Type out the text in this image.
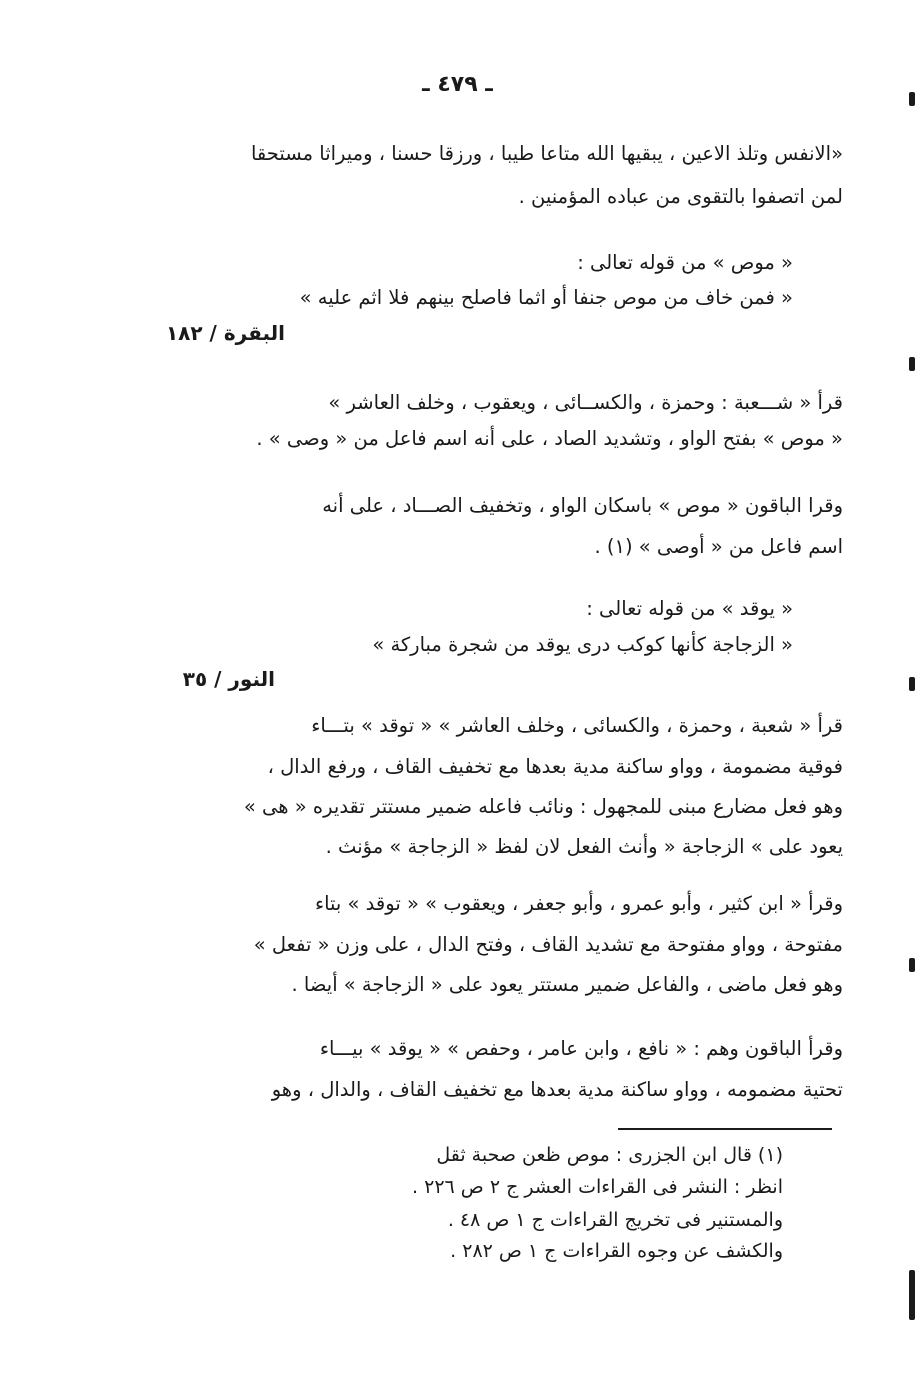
ـ ٤٧٩ ـ
«الانفس وتلذ الاعين ، يبقيها الله متاعا طيبا ، ورزقا حسنا ، وميراثا مستحقا
لمن اتصفوا بالتقوى من عباده المؤمنين .
« موص » من قوله تعالى :
« فمن خاف من موص جنفا أو اثما فاصلح بينهم فلا اثم عليه »
البقرة / ١٨٢
قرأ « شـــعبة : وحمزة ، والكســائى ، ويعقوب ، وخلف العاشر »
« موص » بفتح الواو ، وتشديد الصاد ، على أنه اسم فاعل من « وصى » .
وقرا الباقون « موص » باسكان الواو ، وتخفيف الصـــاد ، على أنه
اسم فاعل من « أوصى » (١) .
« يوقد » من قوله تعالى :
« الزجاجة كأنها كوكب درى يوقد من شجرة مباركة »
النور / ٣٥
قرأ « شعبة ، وحمزة ، والكسائى ، وخلف العاشر » « توقد » بتـــاء
فوقية مضمومة ، وواو ساكنة مدية بعدها مع تخفيف القاف ، ورفع الدال ،
وهو فعل مضارع مبنى للمجهول : ونائب فاعله ضمير مستتر تقديره « هى »
يعود على » الزجاجة « وأنث الفعل لان لفظ « الزجاجة » مؤنث .
وقرأ « ابن كثير ، وأبو عمرو ، وأبو جعفر ، ويعقوب » « توقد » بتاء
مفتوحة ، وواو مفتوحة مع تشديد القاف ، وفتح الدال ، على وزن « تفعل »
وهو فعل ماضى ، والفاعل ضمير مستتر يعود على « الزجاجة » أيضا .
وقرأ الباقون وهم : « نافع ، وابن عامر ، وحفص » « يوقد » بيـــاء
تحتية مضمومه ، وواو ساكنة مدية بعدها مع تخفيف القاف ، والدال ، وهو
(١) قال ابن الجزرى : موص ظعن صحبة ثقل
انظر : النشر فى القراءات العشر ج ٢ ص ٢٢٦ .
والمستنير فى تخريج القراءات ج ١ ص ٤٨ .
والكشف عن وجوه القراءات ج ١ ص ٢٨٢ .
